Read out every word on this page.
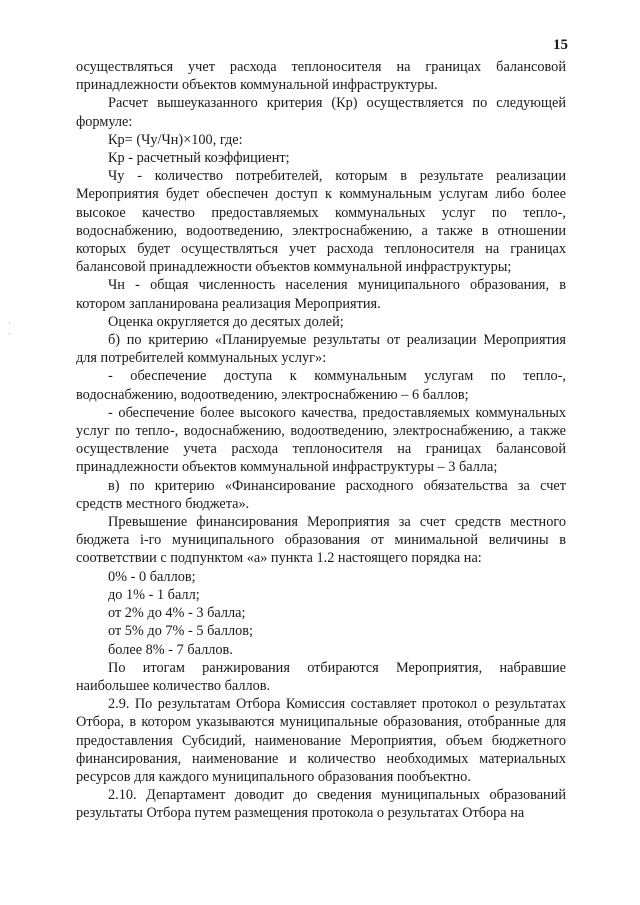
15
· ·

осуществляться учет расхода теплоносителя на границах балансовой принадлежности объектов коммунальной инфраструктуры.

Расчет вышеуказанного критерия (Кр) осуществляется по следующей формуле:

Кр= (Чу/Чн)×100, где:

Кр - расчетный коэффициент;

Чу - количество потребителей, которым в результате реализации Мероприятия будет обеспечен доступ к коммунальным услугам либо более высокое качество предоставляемых коммунальных услуг по тепло-, водоснабжению, водоотведению, электроснабжению, а также в отношении которых будет осуществляться учет расхода теплоносителя на границах балансовой принадлежности объектов коммунальной инфраструктуры;

Чн - общая численность населения муниципального образования, в котором запланирована реализация Мероприятия.

Оценка округляется до десятых долей;

б) по критерию «Планируемые результаты от реализации Мероприятия для потребителей коммунальных услуг»:

- обеспечение доступа к коммунальным услугам по тепло-, водоснабжению, водоотведению, электроснабжению – 6 баллов;

- обеспечение более высокого качества, предоставляемых коммунальных услуг по тепло-, водоснабжению, водоотведению, электроснабжению, а также осуществление учета расхода теплоносителя на границах балансовой принадлежности объектов коммунальной инфраструктуры – 3 балла;

в) по критерию «Финансирование расходного обязательства за счет средств местного бюджета».

Превышение финансирования Мероприятия за счет средств местного бюджета i-го муниципального образования от минимальной величины в соответствии с подпунктом «а» пункта 1.2 настоящего порядка на:

0% - 0 баллов;
до 1% - 1 балл;
от 2% до 4% - 3 балла;
от 5% до 7% - 5 баллов;
более 8% - 7 баллов.

По итогам ранжирования отбираются Мероприятия, набравшие наибольшее количество баллов.

2.9. По результатам Отбора Комиссия составляет протокол о результатах Отбора, в котором указываются муниципальные образования, отобранные для предоставления Субсидий, наименование Мероприятия, объем бюджетного финансирования, наименование и количество необходимых материальных ресурсов для каждого муниципального образования пообъектно.

2.10. Департамент доводит до сведения муниципальных образований результаты Отбора путем размещения протокола о результатах Отбора на
